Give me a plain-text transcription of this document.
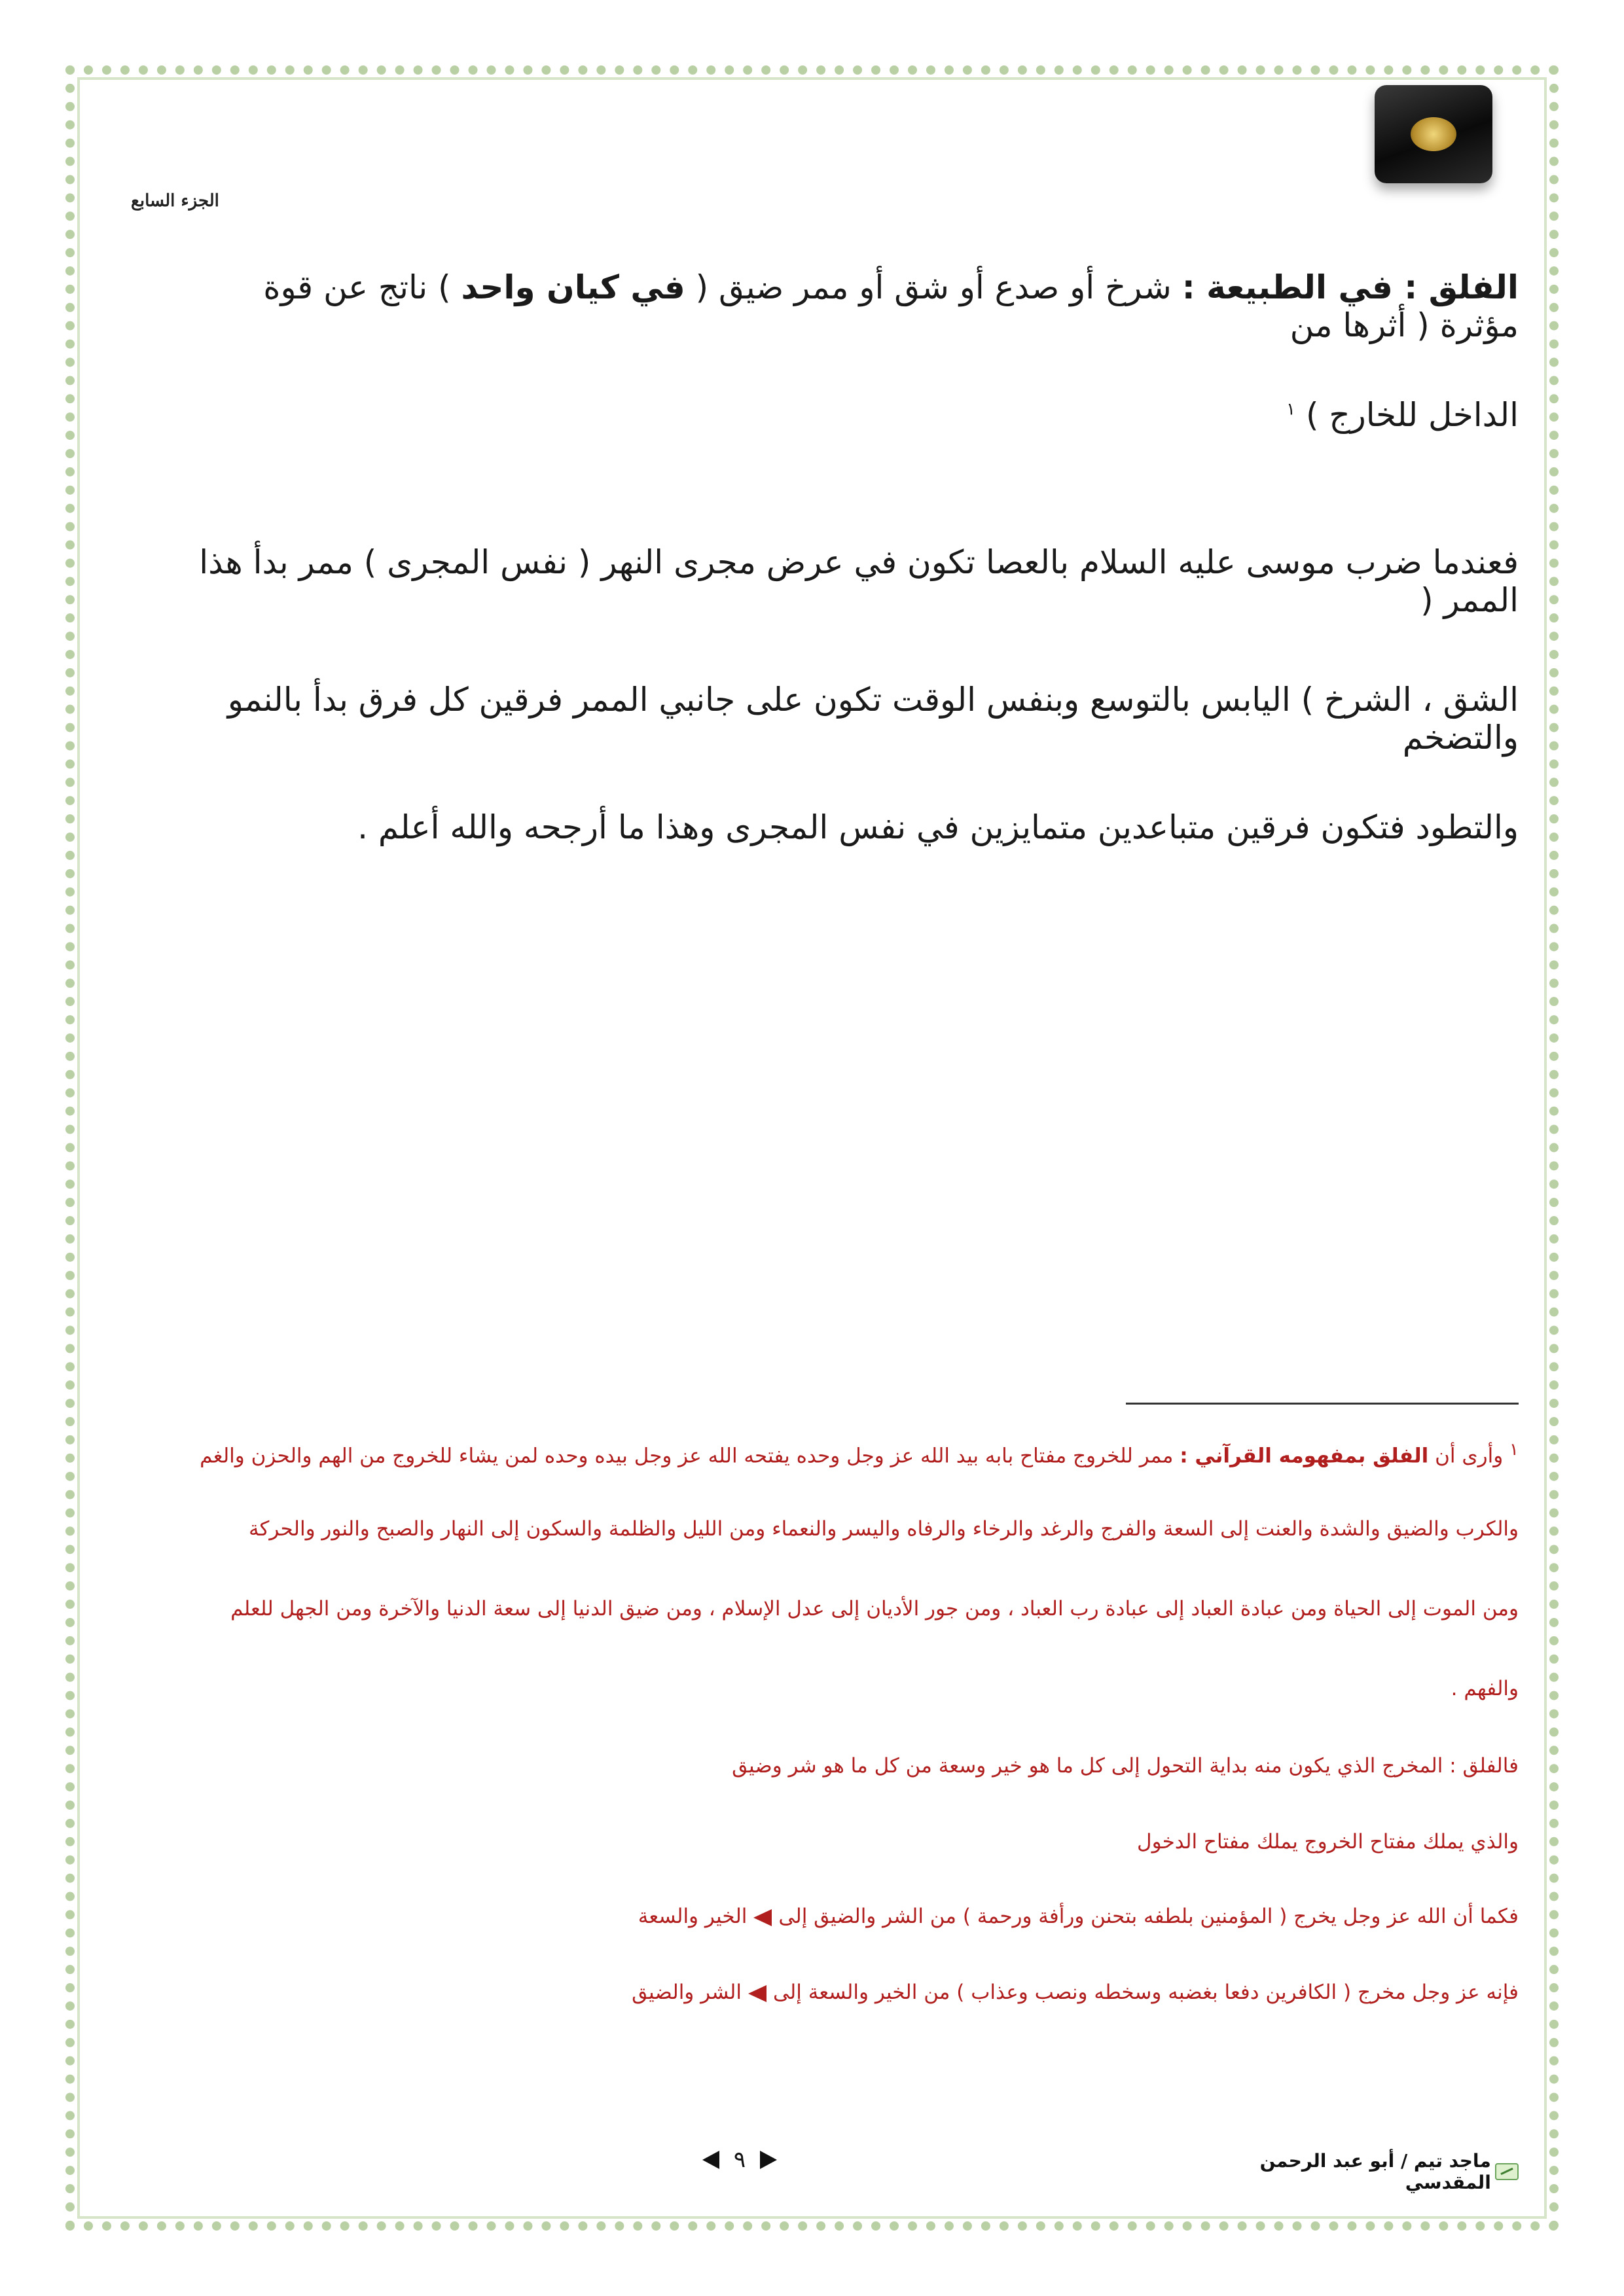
الجزء السابع
الفلق : في الطبيعة : شرخ أو صدع أو شق أو ممر ضيق ( في كيان واحد ) ناتج عن قوة مؤثرة ( أثرها من
الداخل للخارج ) $^١$
فعندما ضرب موسى عليه السلام بالعصا تكون في عرض مجرى النهر ( نفس المجرى ) ممر بدأ هذا الممر (
الشق ، الشرخ ) اليابس بالتوسع وبنفس الوقت تكون على جانبي الممر فرقين كل فرق بدأ بالنمو والتضخم
والتطود فتكون فرقين متباعدين متمايزين في نفس المجرى وهذا ما أرجحه والله أعلم .
$^١$ وأرى أن الفلق بمفهومه القرآني : ممر للخروج مفتاح بابه بيد الله عز وجل وحده يفتحه الله عز وجل بيده وحده لمن يشاء للخروج من الهم والحزن والغم
والكرب والضيق والشدة والعنت إلى السعة والفرج والرغد والرخاء والرفاه واليسر والنعماء ومن الليل والظلمة والسكون إلى النهار والصبح والنور والحركة
ومن الموت إلى الحياة ومن عبادة العباد إلى عبادة رب العباد ، ومن جور الأديان إلى عدل الإسلام ، ومن ضيق الدنيا إلى سعة الدنيا والآخرة ومن الجهل للعلم
والفهم .
فالفلق : المخرج الذي يكون منه بداية التحول إلى كل ما هو خير وسعة من كل ما هو شر وضيق
والذي يملك مفتاح الخروج يملك مفتاح الدخول
فكما أن الله عز وجل يخرج ( المؤمنين بلطفه بتحنن ورأفة ورحمة ) من الشر والضيق إلىالخير والسعة
فإنه عز وجل مخرج ( الكافرين دفعا بغضبه وسخطه ونصب وعذاب ) من الخير والسعة إلىالشر والضيق
٩	ماجد تيم / أبو عبد الرحمن المقدسي
